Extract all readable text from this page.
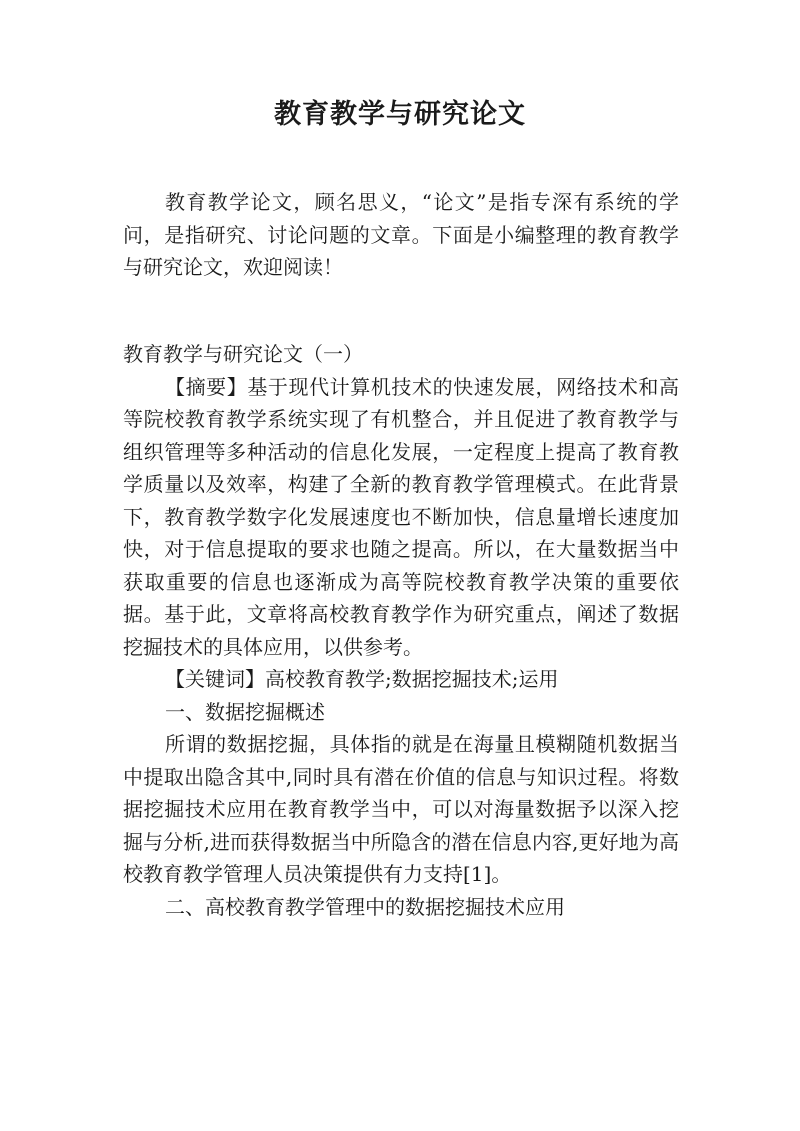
教育教学与研究论文
教育教学论文，顾名思义，“论文”是指专深有系统的学问，是指研究、讨论问题的文章。下面是小编整理的教育教学与研究论文，欢迎阅读！

教育教学与研究论文（一）

【摘要】基于现代计算机技术的快速发展，网络技术和高等院校教育教学系统实现了有机整合，并且促进了教育教学与组织管理等多种活动的信息化发展，一定程度上提高了教育教学质量以及效率，构建了全新的教育教学管理模式。在此背景下，教育教学数字化发展速度也不断加快，信息量增长速度加快，对于信息提取的要求也随之提高。所以，在大量数据当中获取重要的信息也逐渐成为高等院校教育教学决策的重要依据。基于此，文章将高校教育教学作为研究重点，阐述了数据挖掘技术的具体应用，以供参考。

【关键词】高校教育教学;数据挖掘技术;运用

一、数据挖掘概述

所谓的数据挖掘，具体指的就是在海量且模糊随机数据当中提取出隐含其中,同时具有潜在价值的信息与知识过程。将数据挖掘技术应用在教育教学当中，可以对海量数据予以深入挖掘与分析,进而获得数据当中所隐含的潜在信息内容,更好地为高校教育教学管理人员决策提供有力支持[1]。

二、高校教育教学管理中的数据挖掘技术应用
